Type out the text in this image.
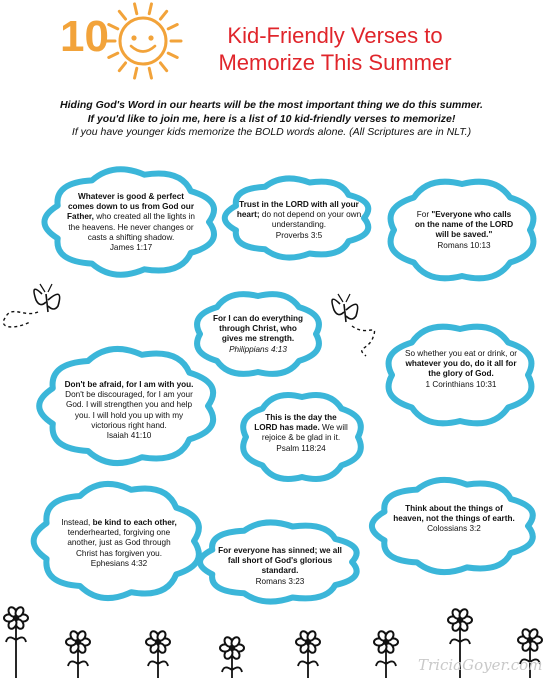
10	Kid-Friendly Verses to
Memorize This Summer
Hiding God's Word in our hearts will be the most important thing we do this summer.
If you'd like to join me, here is a list of 10 kid-friendly verses to memorize!
If you have younger kids memorize the BOLD words alone. (All Scriptures are in NLT.)
Whatever is good & perfect comes down to us from God our Father, who created all the lights in the heavens. He never changes or casts a shifting shadow.
James 1:17
Trust in the LORD with all your heart; do not depend on your own understanding.
Proverbs 3:5
For "Everyone who calls on the name of the LORD will be saved."
Romans 10:13
For I can do everything through Christ, who gives me strength.
Philippians 4:13	So whether you eat or drink, or whatever you do, do it all for the glory of God.
1 Corinthians 10:31
Don't be afraid, for I am with you. Don't be discouraged, for I am your God. I will strengthen you and help you. I will hold you up with my victorious right hand.
Isaiah 41:10
This is the day the LORD has made. We will rejoice & be glad in it.
Psalm 118:24
Instead, be kind to each other, tenderhearted, forgiving one another, just as God through Christ has forgiven you.
Ephesians 4:32
For everyone has sinned; we all fall short of God's glorious standard.
Romans 3:23
Think about the things of heaven, not the things of earth.
Colossians 3:2
TriciaGoyer.com
